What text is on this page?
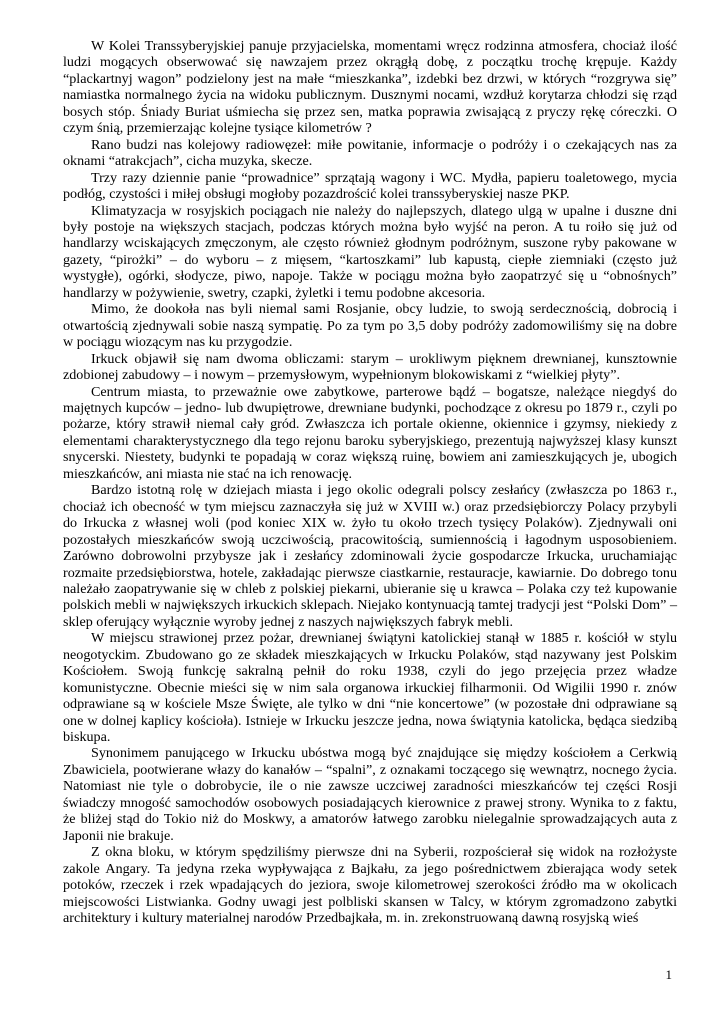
W Kolei Transsyberyjskiej panuje przyjacielska, momentami wręcz rodzinna atmosfera, chociaż ilość ludzi mogących obserwować się nawzajem przez okrągłą dobę, z początku trochę krępuje. Każdy “plackartnyj wagon” podzielony jest na małe “mieszkanka”, izdebki bez drzwi, w których “rozgrywa się” namiastka normalnego życia na widoku publicznym. Dusznymi nocami, wzdłuż korytarza chłodzi się rząd bosych stóp. Śniady Buriat uśmiecha się przez sen, matka poprawia zwisającą z pryczy rękę córeczki. O czym śnią, przemierzając kolejne tysiące kilometrów ?

Rano budzi nas kolejowy radiowęzeł: miłe powitanie, informacje o podróży i o czekających nas za oknami “atrakcjach”, cicha muzyka, skecze.

Trzy razy dziennie panie “prowadnice” sprzątają wagony i WC. Mydła, papieru toaletowego, mycia podłóg, czystości i miłej obsługi mogłoby pozazdrościć kolei transsyberyskiej nasze PKP.

Klimatyzacja w rosyjskich pociągach nie należy do najlepszych, dlatego ulgą w upalne i duszne dni były postoje na większych stacjach, podczas których można było wyjść na peron. A tu roiło się już od handlarzy wciskających zmęczonym, ale często również głodnym podróżnym, suszone ryby pakowane w gazety, “pirożki” – do wyboru – z mięsem, “kartoszkami” lub kapustą, ciepłe ziemniaki (często już wystygłe), ogórki, słodycze, piwo, napoje. Także w pociągu można było zaopatrzyć się u “obnośnych” handlarzy w pożywienie, swetry, czapki, żyletki i temu podobne akcesoria.

Mimo, że dookoła nas byli niemal sami Rosjanie, obcy ludzie, to swoją serdecznością, dobrocią i otwartością zjednywali sobie naszą sympatię. Po za tym po 3,5 doby podróży zadomowiliśmy się na dobre w pociągu wiozącym nas ku przygodzie.

Irkuck objawił się nam dwoma obliczami: starym – urokliwym pięknem drewnianej, kunsztownie zdobionej zabudowy – i nowym – przemysłowym, wypełnionym blokowiskami z “wielkiej płyty”.

Centrum miasta, to przeważnie owe zabytkowe, parterowe bądź – bogatsze, należące niegdyś do majętnych kupców – jedno- lub dwupiętrowe, drewniane budynki, pochodzące z okresu po 1879 r., czyli po pożarze, który strawił niemal cały gród. Zwłaszcza ich portale okienne, okiennice i gzymsy, niekiedy z elementami charakterystycznego dla tego rejonu baroku syberyjskiego, prezentują najwyższej klasy kunszt snycerski. Niestety, budynki te popadają w coraz większą ruinę, bowiem ani zamieszkujących je, ubogich mieszkańców, ani miasta nie stać na ich renowację.

Bardzo istotną rolę w dziejach miasta i jego okolic odegrali polscy zesłańcy (zwłaszcza po 1863 r., chociaż ich obecność w tym miejscu zaznaczyła się już w XVIII w.) oraz przedsiębiorczy Polacy przybyli do Irkucka z własnej woli (pod koniec XIX w. żyło tu około trzech tysięcy Polaków). Zjednywali oni pozostałych mieszkańców swoją uczciwością, pracowitością, sumiennością i łagodnym usposobieniem. Zarówno dobrowolni przybysze jak i zesłańcy zdominowali życie gospodarcze Irkucka, uruchamiając rozmaite przedsiębiorstwa, hotele, zakładając pierwsze ciastkarnie, restauracje, kawiarnie. Do dobrego tonu należało zaopatrywanie się w chleb z polskiej piekarni, ubieranie się u krawca – Polaka czy też kupowanie polskich mebli w największych irkuckich sklepach. Niejako kontynuacją tamtej tradycji jest “Polski Dom” – sklep oferujący wyłącznie wyroby jednej z naszych największych fabryk mebli.

W miejscu strawionej przez pożar, drewnianej świątyni katolickiej stanął w 1885 r. kościół w stylu neogotyckim. Zbudowano go ze składek mieszkających w Irkucku Polaków, stąd nazywany jest Polskim Kościołem. Swoją funkcję sakralną pełnił do roku 1938, czyli do jego przejęcia przez władze komunistyczne. Obecnie mieści się w nim sala organowa irkuckiej filharmonii. Od Wigilii 1990 r. znów odprawiane są w kościele Msze Święte, ale tylko w dni “nie koncertowe” (w pozostałe dni odprawiane są one w dolnej kaplicy kościoła). Istnieje w Irkucku jeszcze jedna, nowa świątynia katolicka, będąca siedzibą biskupa.

Synonimem panującego w Irkucku ubóstwa mogą być znajdujące się między kościołem a Cerkwią Zbawiciela, pootwierane włazy do kanałów – “spalni”, z oznakami toczącego się wewnątrz, nocnego życia. Natomiast nie tyle o dobrobycie, ile o nie zawsze uczciwej zaradności mieszkańców tej części Rosji świadczy mnogość samochodów osobowych posiadających kierownice z prawej strony. Wynika to z faktu, że bliżej stąd do Tokio niż do Moskwy, a amatorów łatwego zarobku nielegalnie sprowadzających auta z Japonii nie brakuje.

Z okna bloku, w którym spędziliśmy pierwsze dni na Syberii, rozpościerał się widok na rozłożyste zakole Angary. Ta jedyna rzeka wypływająca z Bajkału, za jego pośrednictwem zbierająca wody setek potoków, rzeczek i rzek wpadających do jeziora, swoje kilometrowej szerokości źródło ma w okolicach miejscowości Listwianka. Godny uwagi jest polbliski skansen w Talcy, w którym zgromadzono zabytki architektury i kultury materialnej narodów Przedbajkała, m. in. zrekonstruowaną dawną rosyjską wieś

1
